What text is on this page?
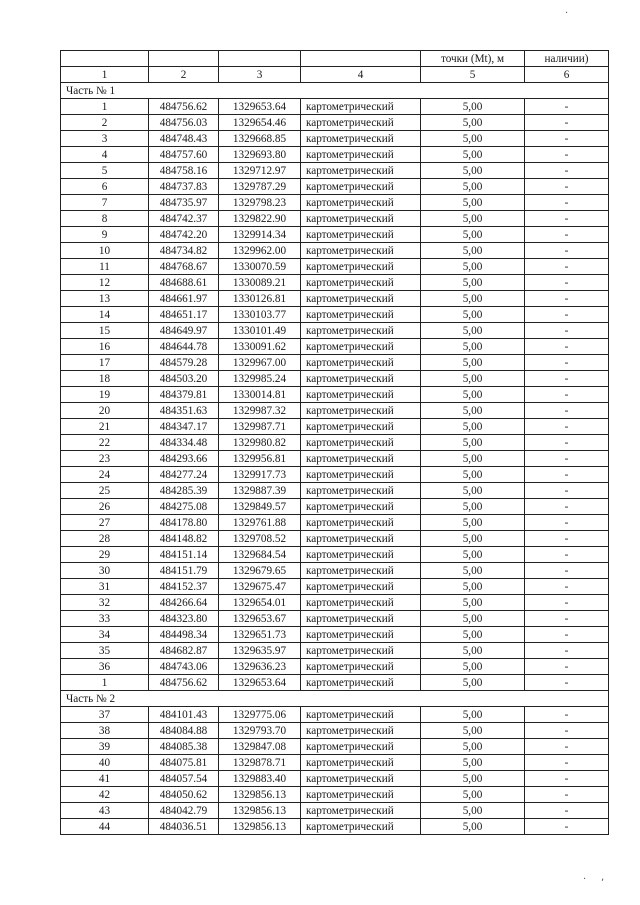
				точки (Mt), м	наличии)
1	2	3	4	5	6
Часть № 1					
1	484756.62	1329653.64	картометрический	5,00	-
2	484756.03	1329654.46	картометрический	5,00	-
3	484748.43	1329668.85	картометрический	5,00	-
4	484757.60	1329693.80	картометрический	5,00	-
5	484758.16	1329712.97	картометрический	5,00	-
6	484737.83	1329787.29	картометрический	5,00	-
7	484735.97	1329798.23	картометрический	5,00	-
8	484742.37	1329822.90	картометрический	5,00	-
9	484742.20	1329914.34	картометрический	5,00	-
10	484734.82	1329962.00	картометрический	5,00	-
11	484768.67	1330070.59	картометрический	5,00	-
12	484688.61	1330089.21	картометрический	5,00	-
13	484661.97	1330126.81	картометрический	5,00	-
14	484651.17	1330103.77	картометрический	5,00	-
15	484649.97	1330101.49	картометрический	5,00	-
16	484644.78	1330091.62	картометрический	5,00	-
17	484579.28	1329967.00	картометрический	5,00	-
18	484503.20	1329985.24	картометрический	5,00	-
19	484379.81	1330014.81	картометрический	5,00	-
20	484351.63	1329987.32	картометрический	5,00	-
21	484347.17	1329987.71	картометрический	5,00	-
22	484334.48	1329980.82	картометрический	5,00	-
23	484293.66	1329956.81	картометрический	5,00	-
24	484277.24	1329917.73	картометрический	5,00	-
25	484285.39	1329887.39	картометрический	5,00	-
26	484275.08	1329849.57	картометрический	5,00	-
27	484178.80	1329761.88	картометрический	5,00	-
28	484148.82	1329708.52	картометрический	5,00	-
29	484151.14	1329684.54	картометрический	5,00	-
30	484151.79	1329679.65	картометрический	5,00	-
31	484152.37	1329675.47	картометрический	5,00	-
32	484266.64	1329654.01	картометрический	5,00	-
33	484323.80	1329653.67	картометрический	5,00	-
34	484498.34	1329651.73	картометрический	5,00	-
35	484682.87	1329635.97	картометрический	5,00	-
36	484743.06	1329636.23	картометрический	5,00	-
1	484756.62	1329653.64	картометрический	5,00	-
Часть № 2					
37	484101.43	1329775.06	картометрический	5,00	-
38	484084.88	1329793.70	картометрический	5,00	-
39	484085.38	1329847.08	картометрический	5,00	-
40	484075.81	1329878.71	картометрический	5,00	-
41	484057.54	1329883.40	картометрический	5,00	-
42	484050.62	1329856.13	картометрический	5,00	-
43	484042.79	1329856.13	картометрический	5,00	-
44	484036.51	1329856.13	картометрический	5,00	-
·
· ,
